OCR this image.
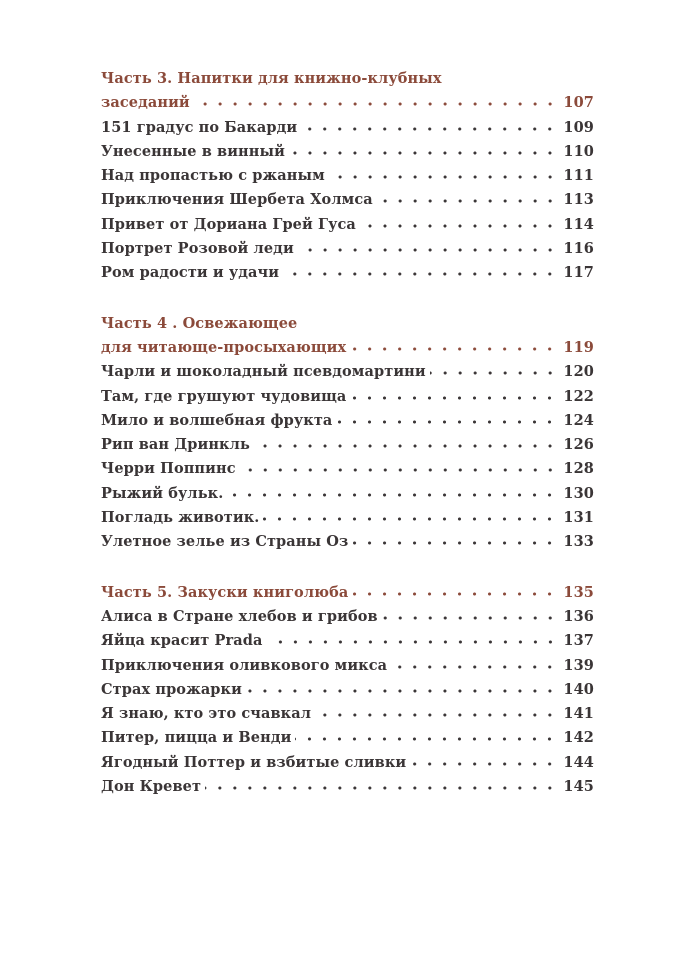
Часть 3. Напитки для книжно-клубных
заседаний	107
151 градус по Бакарди	109
Унесенные в винный	110
Над пропастью с ржаным	111
Приключения Шербета Холмса	113
Привет от Дориана Грей Гуса	114
Портрет Розовой леди	116
Ром радости и удачи	117
Часть 4 . Освежающее
для читающе-просыхающих	119
Чарли и шоколадный псевдомартини	120
Там, где грушуют чудовища	122
Мило и волшебная фрукта	124
Рип ван Дринкль	126
Черри Поппинс	128
Рыжий бульк.	130
Погладь животик.	131
Улетное зелье из Страны Оз	133
Часть 5. Закуски книголюба	135
Алиса в Стране хлебов и грибов	136
Яйца красит Prada	137
Приключения оливкового микса	139
Страх прожарки	140
Я знаю, кто это счавкал	141
Питер, пицца и Венди	142
Ягодный Поттер и взбитые сливки	144
Дон Кревет	145
